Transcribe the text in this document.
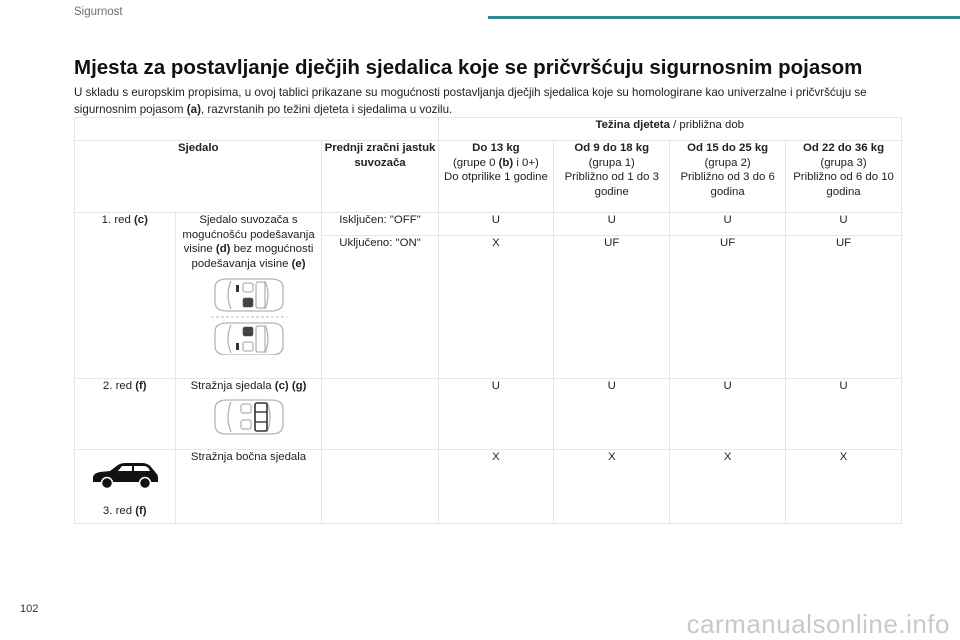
Sigurnost
Mjesta za postavljanje dječjih sjedalica koje se pričvršćuju sigurnosnim pojasom
U skladu s europskim propisima, u ovoj tablici prikazane su mogućnosti postavljanja dječjih sjedalica koje su homologirane kao univerzalne i pričvršćuju se sigurnosnim pojasom (a), razvrstanih po težini djeteta i sjedalima u vozilu.
			Težina djeteta / približna dob			
Sjedalo		Prednji zračni jastuk suvozača	Do 13 kg
(grupe 0 (b) i 0+)
Do otprilike 1 godine	Od 9 do 18 kg
(grupa 1)
Približno od 1 do 3 godine	Od 15 do 25 kg
(grupa 2)
Približno od 3 do 6 godina	Od 22 do 36 kg
(grupa 3)
Približno od 6 do 10 godina
1. red (c)	Sjedalo suvozača s mogućnošću podešavanja visine (d) bez mogućnosti podešavanja visine (e)	Isključen: "OFF"	U	U	U	U
		Uključeno: "ON"	X	UF	UF	UF
2. red (f)	Stražnja sjedala (c) (g)		U	U	U	U

3. red (f)	Stražnja bočna sjedala		X	X	X	X
102	carmanualsonline.info
